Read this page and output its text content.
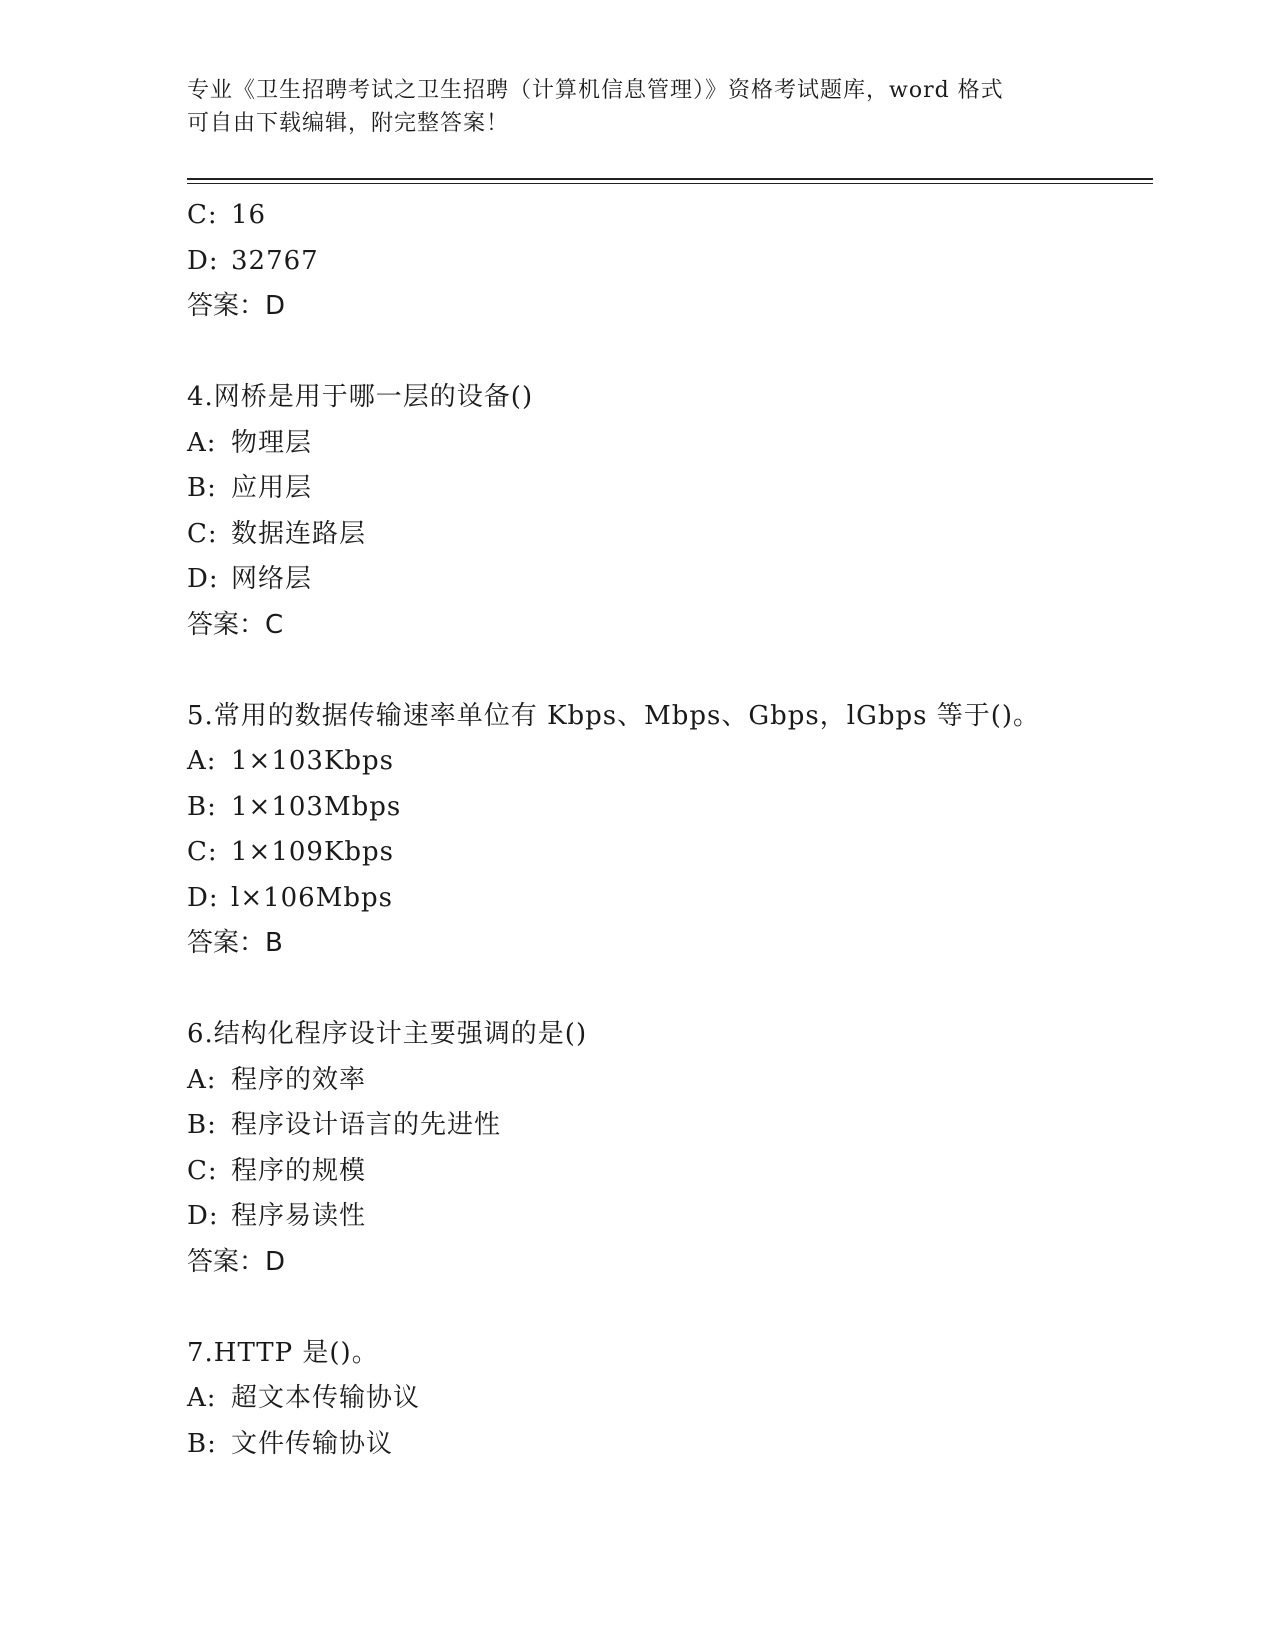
专业《卫生招聘考试之卫生招聘（计算机信息管理）》资格考试题库，word 格式
可自由下载编辑，附完整答案！
C: 16
D: 32767
答案：D
4.网桥是用于哪一层的设备()
A: 物理层
B: 应用层
C: 数据连路层
D: 网络层
答案：C
5.常用的数据传输速率单位有 Kbps、Mbps、Gbps，lGbps 等于()。
A: 1×103Kbps
B: 1×103Mbps
C: 1×109Kbps
D: l×106Mbps
答案：B
6.结构化程序设计主要强调的是()
A: 程序的效率
B: 程序设计语言的先进性
C: 程序的规模
D: 程序易读性
答案：D
7.HTTP 是()。
A: 超文本传输协议
B: 文件传输协议
